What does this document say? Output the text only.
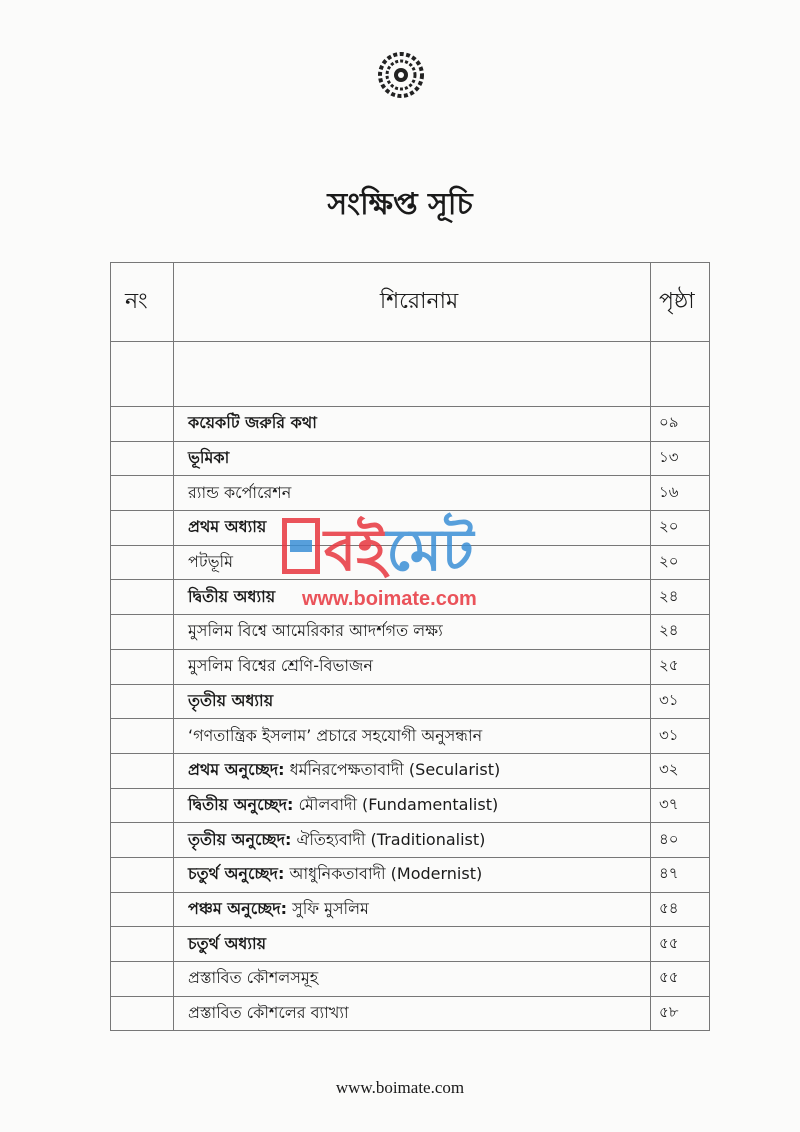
সংক্ষিপ্ত সূচি
নং	শিরোনাম	পৃষ্ঠা

	কয়েকটি জরুরি কথা	০৯
	ভূমিকা	১৩
	র‍্যান্ড কর্পোরেশন	১৬
	প্রথম অধ্যায়	২০
	পটভূমি	২০
	দ্বিতীয় অধ্যায়	২৪
	মুসলিম বিশ্বে আমেরিকার আদর্শগত লক্ষ্য	২৪
	মুসলিম বিশ্বের শ্রেণি-বিভাজন	২৫
	তৃতীয় অধ্যায়	৩১
	‘গণতান্ত্রিক ইসলাম’ প্রচারে সহযোগী অনুসন্ধান	৩১
	প্রথম অনুচ্ছেদ: ধর্মনিরপেক্ষতাবাদী (Secularist)	৩২
	দ্বিতীয় অনুচ্ছেদ: মৌলবাদী (Fundamentalist)	৩৭
	তৃতীয় অনুচ্ছেদ: ঐতিহ্যবাদী (Traditionalist)	৪০
	চতুর্থ অনুচ্ছেদ: আধুনিকতাবাদী (Modernist)	৪৭
	পঞ্চম অনুচ্ছেদ: সুফি মুসলিম	৫৪
	চতুর্থ অধ্যায়	৫৫
	প্রস্তাবিত কৌশলসমূহ	৫৫
	প্রস্তাবিত কৌশলের ব্যাখ্যা	৫৮
বইমেট
www.boimate.com
www.boimate.com
